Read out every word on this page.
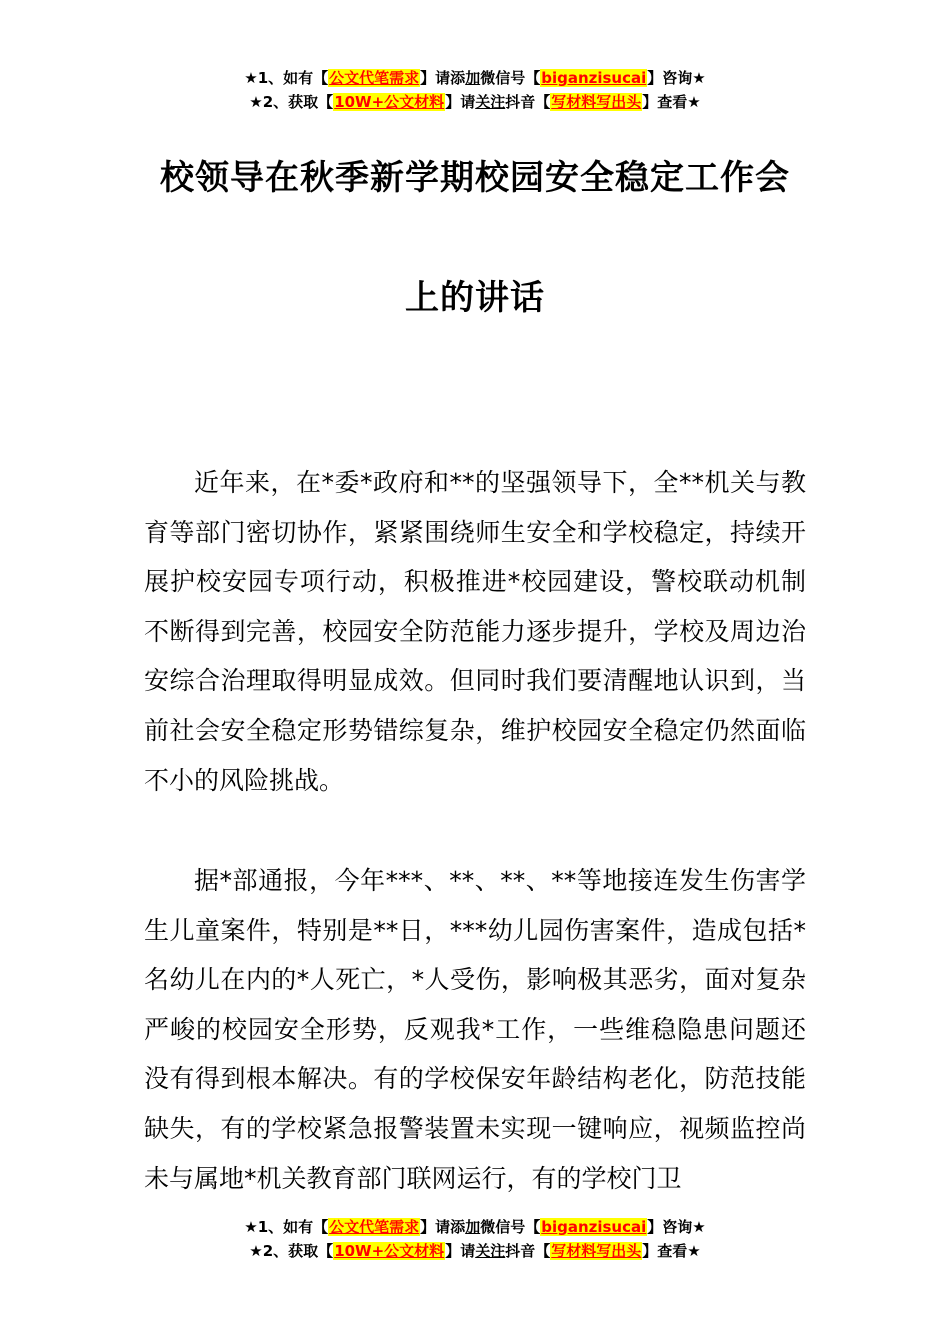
★1、如有【公文代笔需求】请添加微信号【biganzisucai】咨询★
★2、获取【10W+公文材料】请关注抖音【写材料写出头】查看★
校领导在秋季新学期校园安全稳定工作会
上的讲话

近年来，在*委*政府和**的坚强领导下，全**机关与教育等部门密切协作，紧紧围绕师生安全和学校稳定，持续开展护校安园专项行动，积极推进*校园建设，警校联动机制不断得到完善，校园安全防范能力逐步提升，学校及周边治安综合治理取得明显成效。但同时我们要清醒地认识到，当前社会安全稳定形势错综复杂，维护校园安全稳定仍然面临不小的风险挑战。

据*部通报，今年***、**、**、**等地接连发生伤害学生儿童案件，特别是**日，***幼儿园伤害案件，造成包括*名幼儿在内的*人死亡，*人受伤，影响极其恶劣，面对复杂严峻的校园安全形势，反观我*工作，一些维稳隐患问题还没有得到根本解决。有的学校保安年龄结构老化，防范技能缺失，有的学校紧急报警装置未实现一键响应，视频监控尚未与属地*机关教育部门联网运行，有的学校门卫

★1、如有【公文代笔需求】请添加微信号【biganzisucai】咨询★
★2、获取【10W+公文材料】请关注抖音【写材料写出头】查看★
